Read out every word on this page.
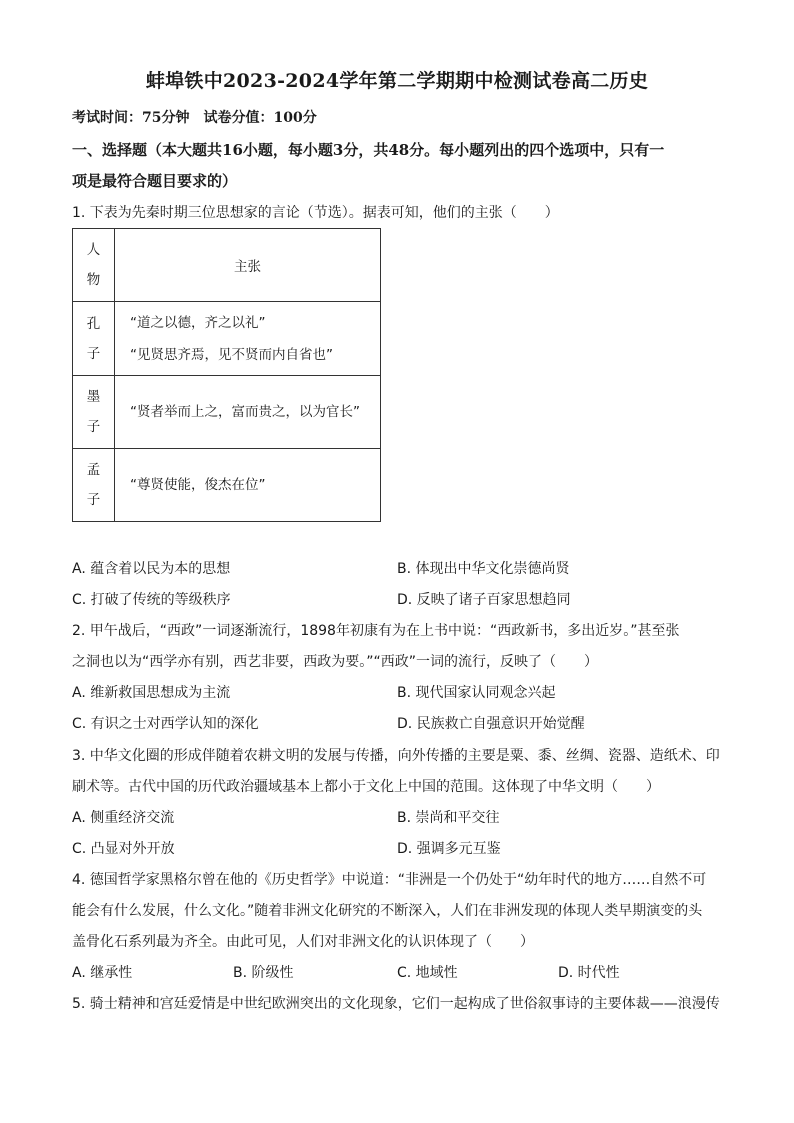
蚌埠铁中2023-2024学年第二学期期中检测试卷高二历史
考试时间：75分钟 试卷分值：100分
一、选择题（本大题共16小题，每小题3分，共48分。每小题列出的四个选项中，只有一
项是最符合题目要求的）
1. 下表为先秦时期三位思想家的言论（节选）。据表可知，他们的主张（　　）
人
物	主张

孔
子	“道之以德，齐之以礼”
“见贤思齐焉，见不贤而内自省也”

墨
子	“贤者举而上之，富而贵之，以为官长”

孟
子	“尊贤使能，俊杰在位”
A. 蕴含着以民为本的思想	B. 体现出中华文化崇德尚贤
C. 打破了传统的等级秩序	D. 反映了诸子百家思想趋同
2. 甲午战后，“西政”一词逐渐流行，1898年初康有为在上书中说：“西政新书，多出近岁。”甚至张
之洞也以为“西学亦有别，西艺非要，西政为要。”“西政”一词的流行，反映了（　　）
A. 维新救国思想成为主流	B. 现代国家认同观念兴起
C. 有识之士对西学认知的深化	D. 民族救亡自强意识开始觉醒
3. 中华文化圈的形成伴随着农耕文明的发展与传播，向外传播的主要是粟、黍、丝绸、瓷器、造纸术、印
刷术等。古代中国的历代政治疆域基本上都小于文化上中国的范围。这体现了中华文明（　　）
A. 侧重经济交流	B. 崇尚和平交往
C. 凸显对外开放	D. 强调多元互鉴
4. 德国哲学家黑格尔曾在他的《历史哲学》中说道：“非洲是一个仍处于“幼年时代的地方……自然不可
能会有什么发展，什么文化。”随着非洲文化研究的不断深入，人们在非洲发现的体现人类早期演变的头
盖骨化石系列最为齐全。由此可见，人们对非洲文化的认识体现了（　　）
A. 继承性	B. 阶级性	C. 地域性	D. 时代性
5. 骑士精神和宫廷爱情是中世纪欧洲突出的文化现象，它们一起构成了世俗叙事诗的主要体裁——浪漫传
